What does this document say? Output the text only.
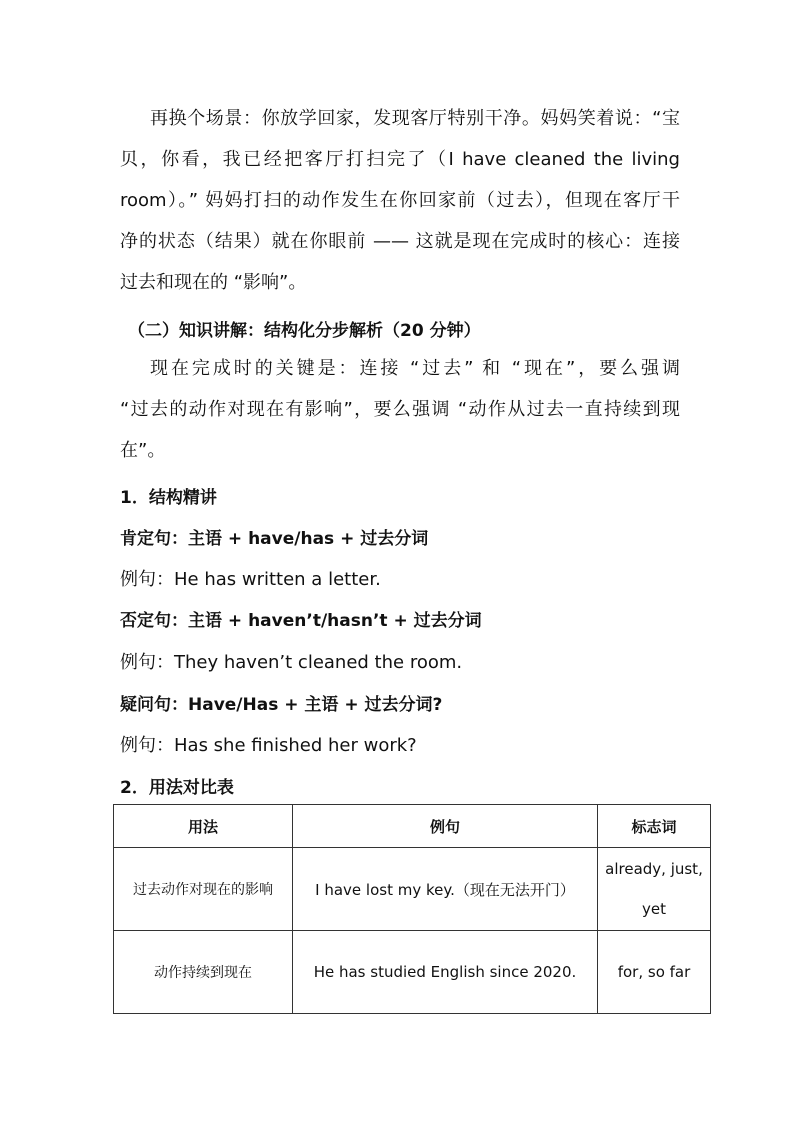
再换个场景：你放学回家，发现客厅特别干净。妈妈笑着说：“宝
贝，你看，我已经把客厅打扫完了（I have cleaned the living
room）。” 妈妈打扫的动作发生在你回家前（过去），但现在客厅干
净的状态（结果）就在你眼前 —— 这就是现在完成时的核心：连接
过去和现在的 “影响”。
（二）知识讲解：结构化分步解析（20 分钟）
现在完成时的关键是：连接 “过去” 和 “现在”，要么强调
“过去的动作对现在有影响”，要么强调 “动作从过去一直持续到现
在”。
1．结构精讲
肯定句：主语 + have/has + 过去分词
例句：He has written a letter.
否定句：主语 + haven’t/hasn’t + 过去分词
例句：They haven’t cleaned the room.
疑问句：Have/Has + 主语 + 过去分词?
例句：Has she finished her work?
2．用法对比表
用法	例句	标志词
过去动作对现在的影响	I have lost my key.（现在无法开门）	already, just, yet
动作持续到现在	He has studied English since 2020.	for, so far
